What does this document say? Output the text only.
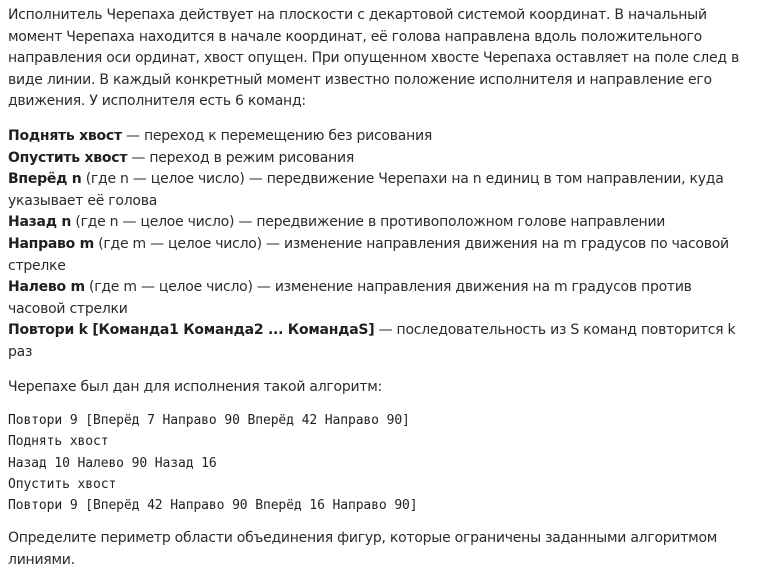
Исполнитель Черепаха действует на плоскости с декартовой системой координат. В начальный момент Черепаха находится в начале координат, её голова направлена вдоль положительного направления оси ординат, хвост опущен. При опущенном хвосте Черепаха оставляет на поле след в виде линии. В каждый конкретный момент известно положение исполнителя и направление его движения. У исполнителя есть 6 команд:

Поднять хвост — переход к перемещению без рисования

Опустить хвост — переход в режим рисования

Вперёд n (где n — целое число) — передвижение Черепахи на n единиц в том направлении, куда указывает её голова

Назад n (где n — целое число) — передвижение в противоположном голове направлении

Направо m (где m — целое число) — изменение направления движения на m градусов по часовой стрелке

Налево m (где m — целое число) — изменение направления движения на m градусов против часовой стрелки

Повтори k [Команда1 Команда2 ... КомандаS] — последовательность из S команд повторится k раз

Черепахе был дан для исполнения такой алгоритм:

Повтори 9 [Вперёд 7 Направо 90 Вперёд 42 Направо 90]
Поднять хвост
Назад 10 Налево 90 Назад 16
Опустить хвост
Повтори 9 [Вперёд 42 Направо 90 Вперёд 16 Направо 90]

Определите периметр области объединения фигур, которые ограничены заданными алгоритмом линиями.
